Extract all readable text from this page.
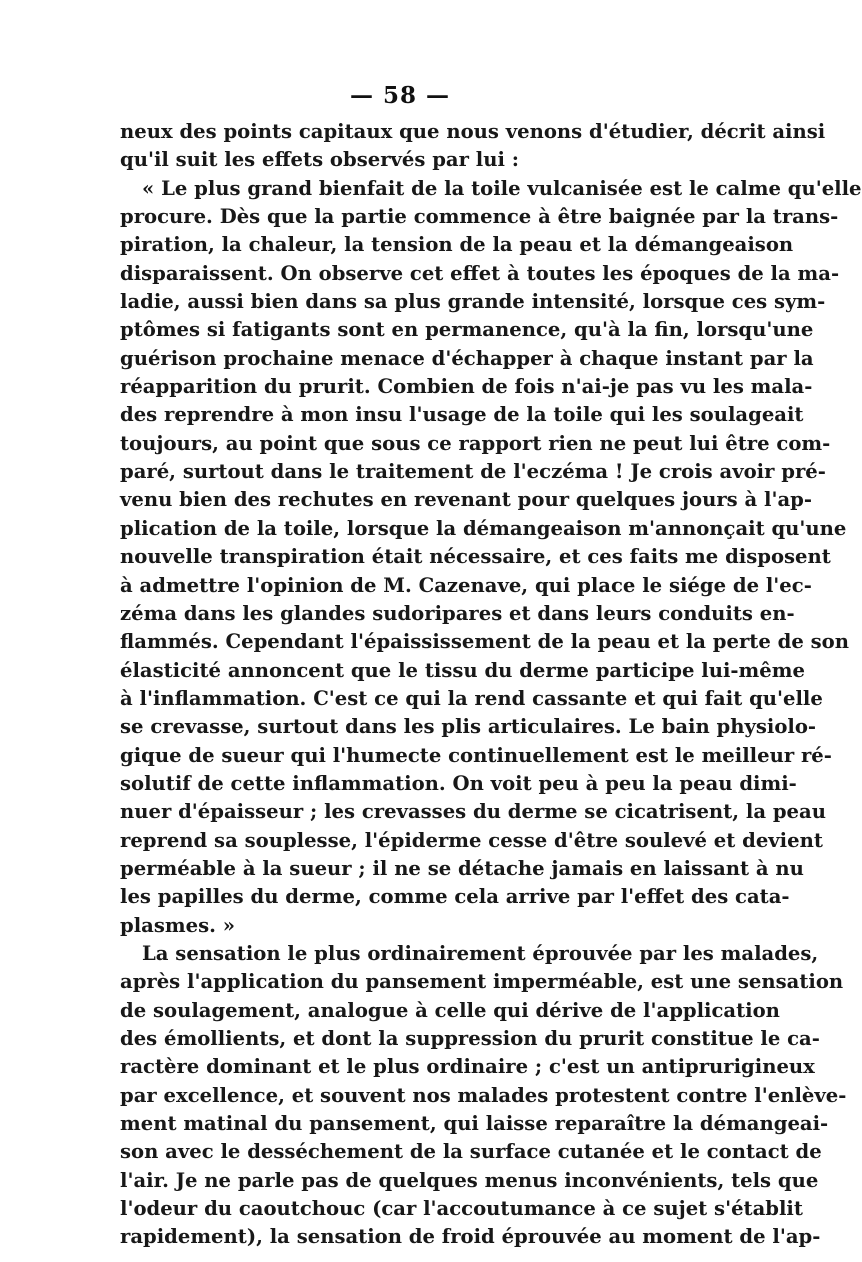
— 58 —
neux des points capitaux que nous venons d'étudier, décrit ainsi
qu'il suit les effets observés par lui :
« Le plus grand bienfait de la toile vulcanisée est le calme qu'elle
procure. Dès que la partie commence à être baignée par la trans-
piration, la chaleur, la tension de la peau et la démangeaison
disparaissent. On observe cet effet à toutes les époques de la ma-
ladie, aussi bien dans sa plus grande intensité, lorsque ces sym-
ptômes si fatigants sont en permanence, qu'à la fin, lorsqu'une
guérison prochaine menace d'échapper à chaque instant par la
réapparition du prurit. Combien de fois n'ai-je pas vu les mala-
des reprendre à mon insu l'usage de la toile qui les soulageait
toujours, au point que sous ce rapport rien ne peut lui être com-
paré, surtout dans le traitement de l'eczéma ! Je crois avoir pré-
venu bien des rechutes en revenant pour quelques jours à l'ap-
plication de la toile, lorsque la démangeaison m'annonçait qu'une
nouvelle transpiration était nécessaire, et ces faits me disposent
à admettre l'opinion de M. Cazenave, qui place le siége de l'ec-
zéma dans les glandes sudoripares et dans leurs conduits en-
flammés. Cependant l'épaississement de la peau et la perte de son
élasticité annoncent que le tissu du derme participe lui-même
à l'inflammation. C'est ce qui la rend cassante et qui fait qu'elle
se crevasse, surtout dans les plis articulaires. Le bain physiolo-
gique de sueur qui l'humecte continuellement est le meilleur ré-
solutif de cette inflammation. On voit peu à peu la peau dimi-
nuer d'épaisseur ; les crevasses du derme se cicatrisent, la peau
reprend sa souplesse, l'épiderme cesse d'être soulevé et devient
perméable à la sueur ; il ne se détache jamais en laissant à nu
les papilles du derme, comme cela arrive par l'effet des cata-
plasmes. »
La sensation le plus ordinairement éprouvée par les malades,
après l'application du pansement imperméable, est une sensation
de soulagement, analogue à celle qui dérive de l'application
des émollients, et dont la suppression du prurit constitue le ca-
ractère dominant et le plus ordinaire ; c'est un antiprurigineux
par excellence, et souvent nos malades protestent contre l'enlève-
ment matinal du pansement, qui laisse reparaître la démangeai-
son avec le desséchement de la surface cutanée et le contact de
l'air. Je ne parle pas de quelques menus inconvénients, tels que
l'odeur du caoutchouc (car l'accoutumance à ce sujet s'établit
rapidement), la sensation de froid éprouvée au moment de l'ap-
